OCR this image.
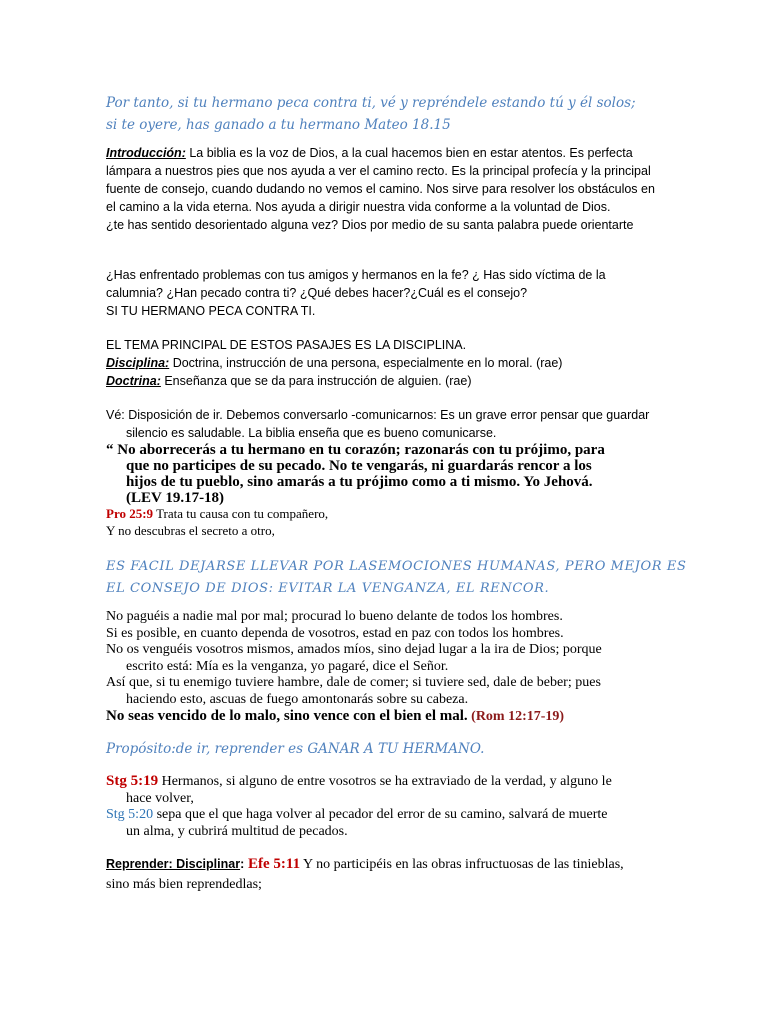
Por tanto, si tu hermano peca contra ti, vé y repréndele estando tú y él solos;
si te oyere, has ganado a tu hermano Mateo 18.15
Introducción: La biblia es la voz de Dios, a la cual hacemos bien en estar atentos. Es perfecta
lámpara a nuestros pies que nos ayuda a ver el camino recto. Es la principal profecía y la principal
fuente de consejo, cuando dudando no vemos el camino. Nos sirve para resolver los obstáculos en
el camino a la vida eterna. Nos ayuda a dirigir nuestra vida conforme a la voluntad de Dios.
¿te has sentido desorientado alguna vez? Dios por medio de su santa palabra puede orientarte
¿Has enfrentado problemas con tus amigos y hermanos en la fe? ¿ Has sido víctima de la
calumnia? ¿Han pecado contra ti? ¿Qué debes hacer?¿Cuál es el consejo?
SI TU HERMANO PECA CONTRA TI.
EL TEMA PRINCIPAL DE ESTOS PASAJES ES LA DISCIPLINA.
Disciplina: Doctrina, instrucción de una persona, especialmente en lo moral. (rae)
Doctrina: Enseñanza que se da para instrucción de alguien. (rae)
Vé: Disposición de ir. Debemos conversarlo -comunicarnos: Es un grave error pensar que guardar
silencio es saludable. La biblia enseña que es bueno comunicarse.
“ No aborrecerás a tu hermano en tu corazón; razonarás con tu prójimo, para
que no participes de su pecado. No te vengarás, ni guardarás rencor a los
hijos de tu pueblo, sino amarás a tu prójimo como a ti mismo. Yo Jehová.
(LEV 19.17-18)
Pro 25:9 Trata tu causa con tu compañero,
Y no descubras el secreto a otro,
ES FACIL DEJARSE LLEVAR POR LASEMOCIONES HUMANAS, PERO MEJOR ES
EL CONSEJO DE DIOS: EVITAR LA VENGANZA, EL RENCOR.
No paguéis a nadie mal por mal; procurad lo bueno delante de todos los hombres.
Si es posible, en cuanto dependa de vosotros, estad en paz con todos los hombres.
No os venguéis vosotros mismos, amados míos, sino dejad lugar a la ira de Dios; porque
escrito está: Mía es la venganza, yo pagaré, dice el Señor.
Así que, si tu enemigo tuviere hambre, dale de comer; si tuviere sed, dale de beber; pues
haciendo esto, ascuas de fuego amontonarás sobre su cabeza.
No seas vencido de lo malo, sino vence con el bien el mal. (Rom 12:17-19)
Propósito:de ir, reprender es GANAR A TU HERMANO.
Stg 5:19 Hermanos, si alguno de entre vosotros se ha extraviado de la verdad, y alguno le
hace volver,
Stg 5:20 sepa que el que haga volver al pecador del error de su camino, salvará de muerte
un alma, y cubrirá multitud de pecados.
Reprender: Disciplinar: Efe 5:11 Y no participéis en las obras infructuosas de las tinieblas,
sino más bien reprendedlas;
